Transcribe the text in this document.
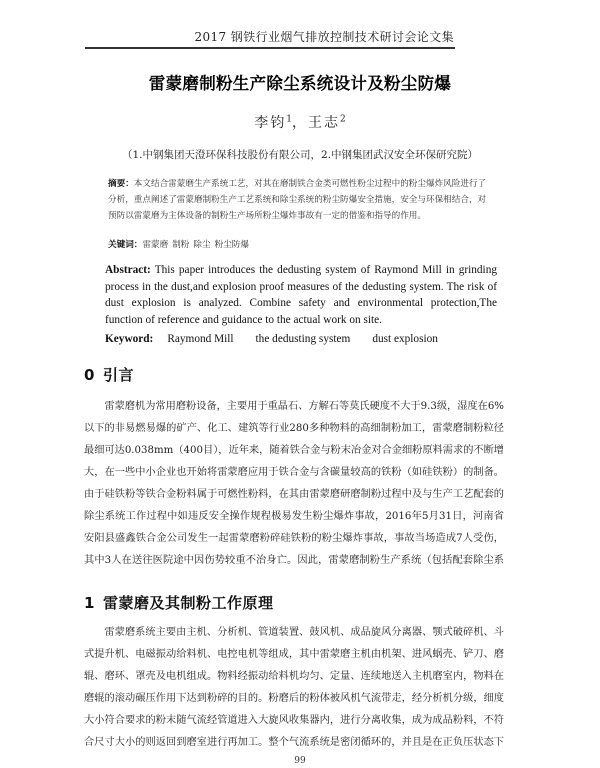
2017 钢铁行业烟气排放控制技术研讨会论文集
雷蒙磨制粉生产除尘系统设计及粉尘防爆
李钧$^1$，王志$^2$
（1.中钢集团天澄环保科技股份有限公司，2.中钢集团武汉安全环保研究院）
摘要：本文结合雷蒙磨生产系统工艺，对其在磨制铁合金类可燃性粉尘过程中的粉尘爆炸风险进行了分析，重点阐述了雷蒙磨制粉生产工艺系统和除尘系统的粉尘防爆安全措施，安全与环保相结合，对预防以雷蒙磨为主体设备的制粉生产场所粉尘爆炸事故有一定的借鉴和指导的作用。
关键词：雷蒙磨 制粉 除尘 粉尘防爆
Abstract: This paper introduces the dedusting system of Raymond Mill in grinding process in the dust,and explosion proof measures of the dedusting system. The risk of dust explosion is analyzed. Combine safety and environmental protection,The function of reference and guidance to the actual work on site.
Keyword: Raymond Mill the dedusting system dust explosion
0 引言
雷蒙磨机为常用磨粉设备，主要用于重晶石、方解石等莫氏硬度不大于9.3级，湿度在6%以下的非易燃易爆的矿产、化工、建筑等行业280多种物料的高细制粉加工，雷蒙磨制粉粒径最细可达0.038mm（400目），近年来，随着铁合金与粉末冶金对合金细粉原料需求的不断增大，在一些中小企业也开始将雷蒙磨应用于铁合金与含碳量较高的铁粉（如硅铁粉）的制备。由于硅铁粉等铁合金粉料属于可燃性粉料，在其由雷蒙磨研磨制粉过程中及与生产工艺配套的除尘系统工作过程中如违反安全操作规程极易发生粉尘爆炸事故，2016年5月31日，河南省安阳县盛鑫铁合金公司发生一起雷蒙磨粉碎硅铁粉的粉尘爆炸事故，事故当场造成7人受伤，其中3人在送往医院途中因伤势较重不治身亡。因此，雷蒙磨制粉生产系统（包括配套除尘系
1 雷蒙磨及其制粉工作原理
雷蒙磨系统主要由主机、分析机、管道装置、鼓风机、成品旋风分离器、颚式破碎机、斗式提升机、电磁振动给料机、电控电机等组成，其中雷蒙磨主机由机架、进风蜗壳、铲刀、磨辊、磨环、罩壳及电机组成。物料经振动给料机均匀、定量、连续地送入主机磨室内，物料在磨辊的滚动碾压作用下达到粉碎的目的。粉磨后的粉体被风机气流带走，经分析机分级，细度大小符合要求的粉末随气流经管道进入大旋风收集器内，进行分离收集，成为成品粉料，不符合尺寸大小的则返回到磨室进行再加工。整个气流系统是密闭循环的，并且是在正负压状态下
99
